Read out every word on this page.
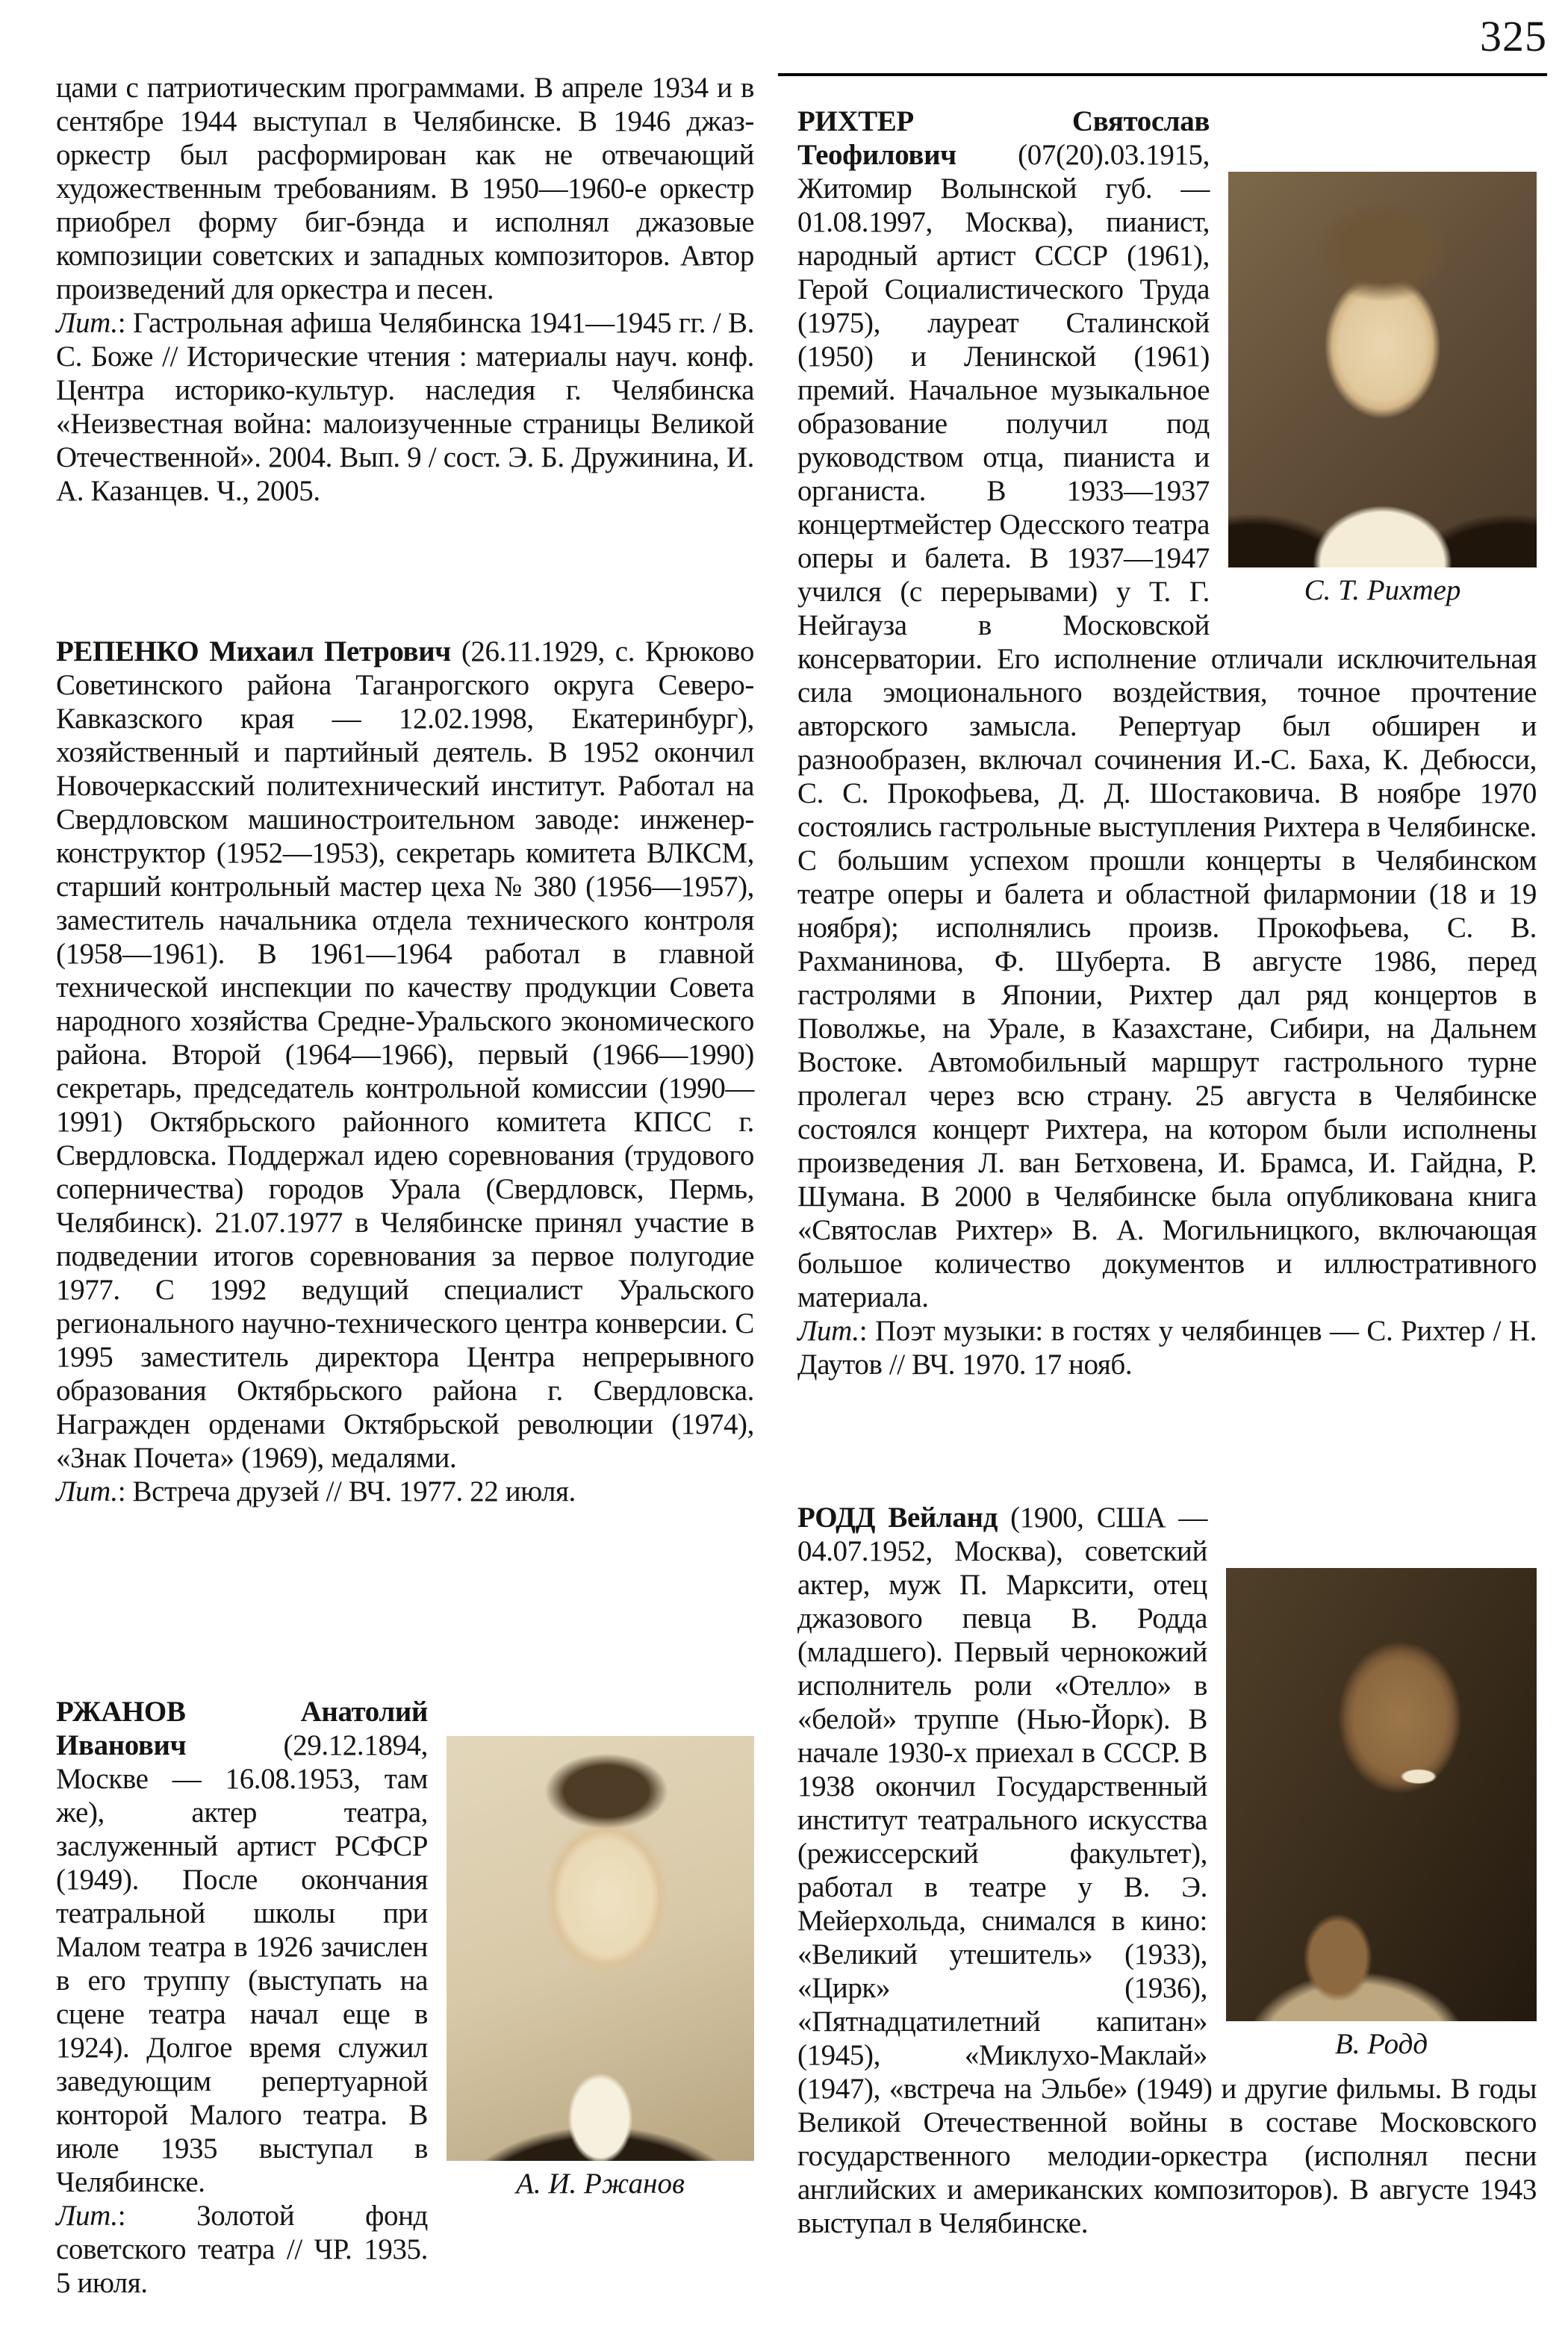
325

цами с патриотическим программами. В апреле 1934 и в сентябре 1944 выступал в Челябинске. В 1946 джаз-оркестр был расформирован как не отвечающий художественным требованиям. В 1950—1960-е оркестр приобрел форму биг-бэнда и исполнял джазовые композиции советских и западных композиторов. Автор произведений для оркестра и песен.

Лит.: Гастрольная афиша Челябинска 1941—1945 гг. / В. С. Боже // Исторические чтения : материалы науч. конф. Центра историко-культур. наследия г. Челябинска «Неизвестная война: малоизученные страницы Великой Отечественной». 2004. Вып. 9 / сост. Э. Б. Дружинина, И. А. Казанцев. Ч., 2005.

РЕПЕНКО Михаил Петрович (26.11.1929, с. Крюково Советинского района Таганрогского округа Северо-Кавказского края — 12.02.1998, Екатеринбург), хозяйственный и партийный деятель. В 1952 окончил Новочеркасский политехнический институт. Работал на Свердловском машиностроительном заводе: инженер-конструктор (1952—1953), секретарь комитета ВЛКСМ, старший контрольный мастер цеха № 380 (1956—1957), заместитель начальника отдела технического контроля (1958—1961). В 1961—1964 работал в главной технической инспекции по качеству продукции Совета народного хозяйства Средне-Уральского экономического района. Второй (1964—1966), первый (1966—1990) секретарь, председатель контрольной комиссии (1990—1991) Октябрьского районного комитета КПСС г. Свердловска. Поддержал идею соревнования (трудового соперничества) городов Урала (Свердловск, Пермь, Челябинск). 21.07.1977 в Челябинске принял участие в подведении итогов соревнования за первое полугодие 1977. С 1992 ведущий специалист Уральского регионального научно-технического центра конверсии. С 1995 заместитель директора Центра непрерывного образования Октябрьского района г. Свердловска. Награжден орденами Октябрьской революции (1974), «Знак Почета» (1969), медалями.

Лит.: Встреча друзей // ВЧ. 1977. 22 июля.

А. И. Ржанов

РЖАНОВ Анатолий Иванович (29.12.1894, Москве — 16.08.1953, там же), актер театра, заслуженный артист РСФСР (1949). После окончания театральной школы при Малом театра в 1926 зачислен в его труппу (выступать на сцене театра начал еще в 1924). Долгое время служил заведующим репертуарной конторой Малого театра. В июле 1935 выступал в Челябинске.

Лит.: Золотой фонд советского театра // ЧР. 1935. 5 июля.

С. Т. Рихтер

РИХТЕР Святослав Теофилович (07(20).03.1915, Житомир Волынской губ. — 01.08.1997, Москва), пианист, народный артист СССР (1961), Герой Социалистического Труда (1975), лауреат Сталинской (1950) и Ленинской (1961) премий. Начальное музыкальное образование получил под руководством отца, пианиста и органиста. В 1933—1937 концертмейстер Одесского театра оперы и балета. В 1937—1947 учился (с перерывами) у Т. Г. Нейгауза в Московской консерватории. Его исполнение отличали исключительная сила эмоционального воздействия, точное прочтение авторского замысла. Репертуар был обширен и разнообразен, включал сочинения И.-С. Баха, К. Дебюсси, С. С. Прокофьева, Д. Д. Шостаковича. В ноябре 1970 состоялись гастрольные выступления Рихтера в Челябинске. С большим успехом прошли концерты в Челябинском театре оперы и балета и областной филармонии (18 и 19 ноября); исполнялись произв. Прокофьева, С. В. Рахманинова, Ф. Шуберта. В августе 1986, перед гастролями в Японии, Рихтер дал ряд концертов в Поволжье, на Урале, в Казахстане, Сибири, на Дальнем Востоке. Автомобильный маршрут гастрольного турне пролегал через всю страну. 25 августа в Челябинске состоялся концерт Рихтера, на котором были исполнены произведения Л. ван Бетховена, И. Брамса, И. Гайдна, Р. Шумана. В 2000 в Челябинске была опубликована книга «Святослав Рихтер» В. А. Могильницкого, включающая большое количество документов и иллюстративного материала.

Лит.: Поэт музыки: в гостях у челябинцев — С. Рихтер / Н. Даутов // ВЧ. 1970. 17 нояб.

В. Родд

РОДД Вейланд (1900, США — 04.07.1952, Москва), советский актер, муж П. Марксити, отец джазового певца В. Родда (младшего). Первый чернокожий исполнитель роли «Отелло» в «белой» труппе (Нью-Йорк). В начале 1930-х приехал в СССР. В 1938 окончил Государственный институт театрального искусства (режиссерский факультет), работал в театре у В. Э. Мейерхольда, снимался в кино: «Великий утешитель» (1933), «Цирк» (1936), «Пятнадцатилетний капитан» (1945), «Миклухо-Маклай» (1947), «встреча на Эльбе» (1949) и другие фильмы. В годы Великой Отечественной войны в составе Московского государственного мелодии-оркестра (исполнял песни английских и американских композиторов). В августе 1943 выступал в Челябинске.
